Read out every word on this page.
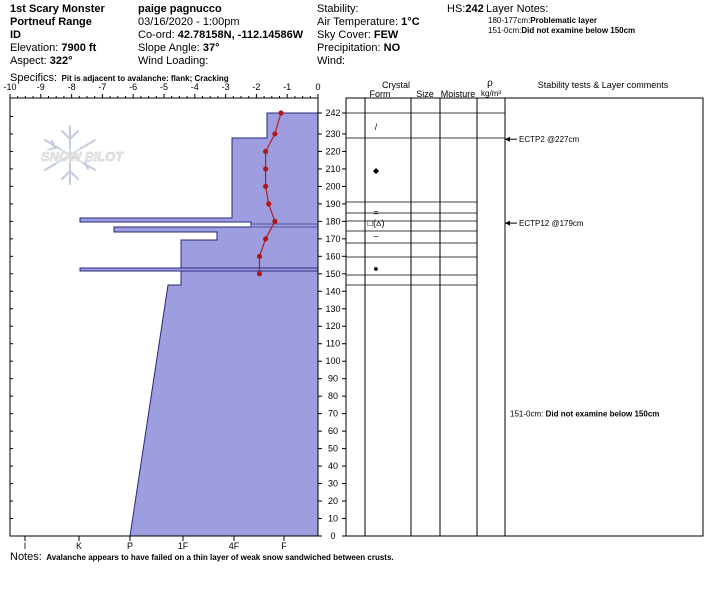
1st Scary Monster
Portneuf Range
ID
Elevation: 7900 ft
Aspect: 322°
Specifics: Pit is adjacent to avalanche: flank; Cracking
paige pagnucco
03/16/2020 - 1:00pm
Co-ord: 42.78158N, -112.14586W
Slope Angle: 37°
Wind Loading:
Stability:
Air Temperature: 1°C
Sky Cover: FEW
Precipitation: NO
Wind:
HS:242 Layer Notes:
180-177cm:Problematic layer
151-0cm:Did not examine below 150cm
-10 -9	-8	-7	-6	-5	-4	-3	-2	-1	0
I	K	P	1F	4F	F
242
230
220
210
200
190
180
170
160
150
140
130
120
110
100
90
80
70
60
50
40
30
20
10
0
Crystal
Form	Size Moisture
ρ
kg/m³
Stability tests & Layer comments
/
⬥
=
□(⩟)
‒
●
ECTP2 @227cm
ECTP12 @179cm
151-0cm: Did not examine below 150cm
SNOW PILOT
Notes: Avalanche appears to have failed on a thin layer of weak snow sandwiched between crusts.
